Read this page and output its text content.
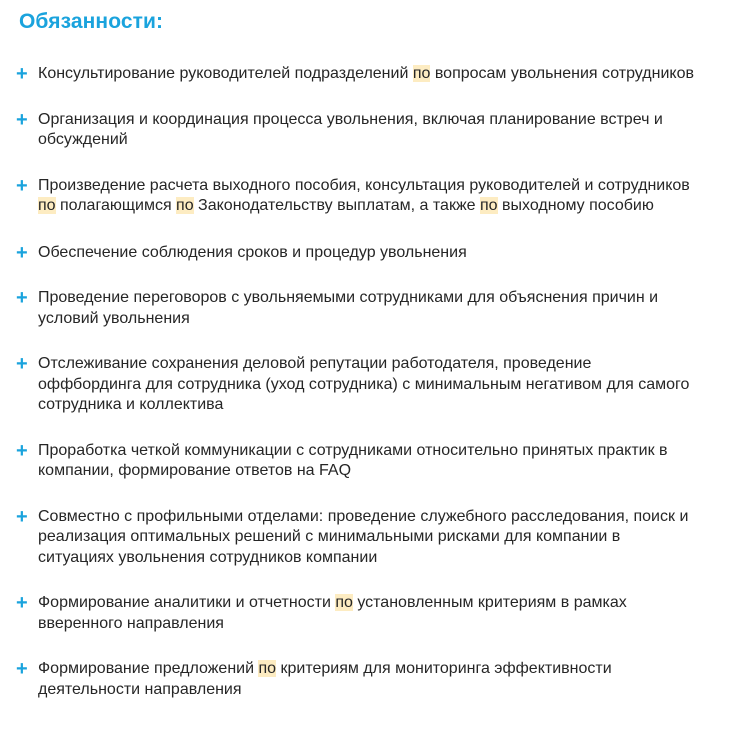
Обязанности:
+ Консультирование руководителей подразделений по вопросам увольнения сотрудников
+ Организация и координация процесса увольнения, включая планирование встреч и обсуждений
+ Произведение расчета выходного пособия, консультация руководителей и сотрудников по полагающимся по Законодательству выплатам, а также по выходному пособию
+ Обеспечение соблюдения сроков и процедур увольнения
+ Проведение переговоров с увольняемыми сотрудниками для объяснения причин и условий увольнения
+ Отслеживание сохранения деловой репутации работодателя, проведение оффбординга для сотрудника (уход сотрудника) с минимальным негативом для самого сотрудника и коллектива
+ Проработка четкой коммуникации с сотрудниками относительно принятых практик в компании, формирование ответов на FAQ
+ Совместно с профильными отделами: проведение служебного расследования, поиск и реализация оптимальных решений с минимальными рисками для компании в ситуациях увольнения сотрудников компании
+ Формирование аналитики и отчетности по установленным критериям в рамках вверенного направления
+ Формирование предложений по критериям для мониторинга эффективности деятельности направления
